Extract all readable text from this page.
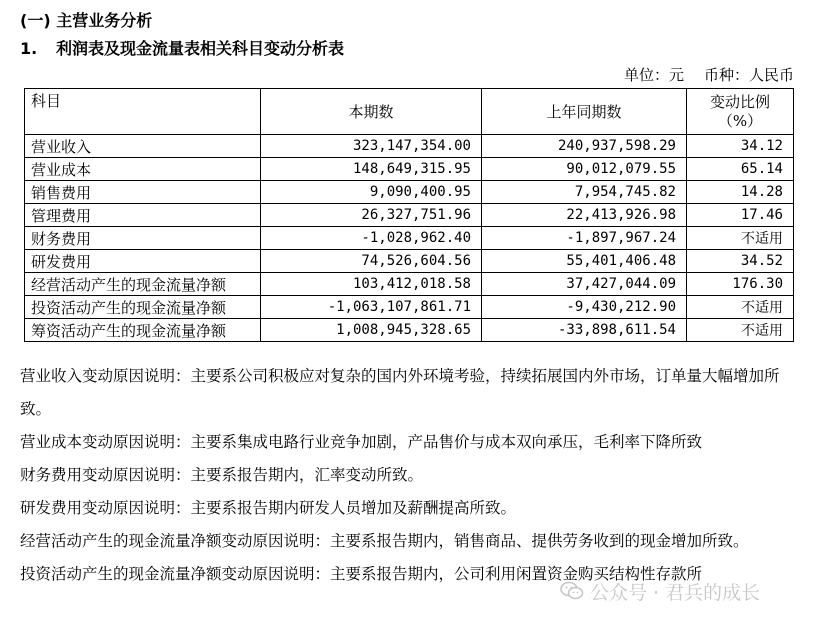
(一) 主营业务分析
1. 利润表及现金流量表相关科目变动分析表
单位：元 币种：人民币
科目	本期数	上年同期数	变动比例
（%）
营业收入	323,147,354.00	240,937,598.29	34.12
营业成本	148,649,315.95	90,012,079.55	65.14
销售费用	9,090,400.95	7,954,745.82	14.28
管理费用	26,327,751.96	22,413,926.98	17.46
财务费用	-1,028,962.40	-1,897,967.24	不适用
研发费用	74,526,604.56	55,401,406.48	34.52
经营活动产生的现金流量净额	103,412,018.58	37,427,044.09	176.30
投资活动产生的现金流量净额	-1,063,107,861.71	-9,430,212.90	不适用
筹资活动产生的现金流量净额	1,008,945,328.65	-33,898,611.54	不适用

营业收入变动原因说明：主要系公司积极应对复杂的国内外环境考验，持续拓展国内外市场，订单量大幅增加所致。

营业成本变动原因说明：主要系集成电路行业竞争加剧，产品售价与成本双向承压，毛利率下降所致

财务费用变动原因说明：主要系报告期内，汇率变动所致。

研发费用变动原因说明：主要系报告期内研发人员增加及薪酬提高所致。

经营活动产生的现金流量净额变动原因说明：主要系报告期内，销售商品、提供劳务收到的现金增加所致。

投资活动产生的现金流量净额变动原因说明：主要系报告期内，公司利用闲置资金购买结构性存款所

公众号 · 君兵的成长
